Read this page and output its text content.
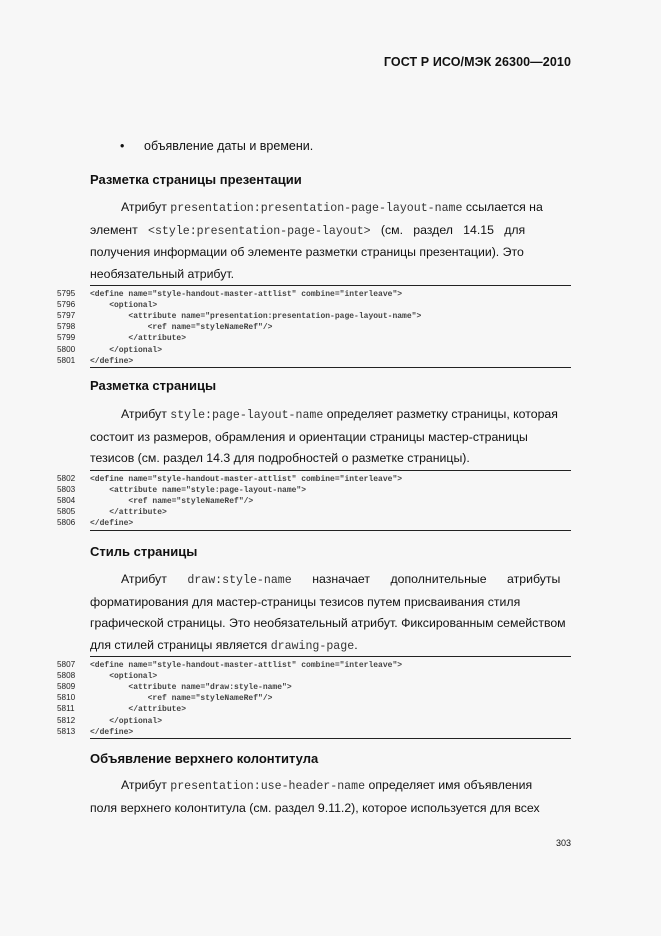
ГОСТ Р ИСО/МЭК 26300—2010
• объявление даты и времени.
Разметка страницы презентации
Атрибут presentation:presentation-page-layout-name ссылается на
элемент   <style:presentation-page-layout>   (см.   раздел   14.15   для
получения информации об элементе разметки страницы презентации). Это
необязательный атрибут.
5795 <define name="style-handout-master-attlist" combine="interleave">
5796    <optional>
5797        <attribute name="presentation:presentation-page-layout-name">
5798            <ref name="styleNameRef"/>
5799        </attribute>
5800    </optional>
5801 </define>
Разметка страницы
Атрибут style:page-layout-name определяет разметку страницы, которая
состоит из размеров, обрамления и ориентации страницы мастер-страницы
тезисов (см. раздел 14.3 для подробностей о разметке страницы).
5802 <define name="style-handout-master-attlist" combine="interleave">
5803    <attribute name="style:page-layout-name">
5804        <ref name="styleNameRef"/>
5805    </attribute>
5806 </define>
Стиль страницы
Атрибут      draw:style-name      назначает      дополнительные      атрибуты
форматирования для мастер-страницы тезисов путем присваивания стиля
графической страницы. Это необязательный атрибут. Фиксированным семейством
для стилей страницы является drawing-page.
5807 <define name="style-handout-master-attlist" combine="interleave">
5808    <optional>
5809        <attribute name="draw:style-name">
5810            <ref name="styleNameRef"/>
5811        </attribute>
5812    </optional>
5813 </define>
Объявление верхнего колонтитула
Атрибут presentation:use-header-name определяет имя объявления
поля верхнего колонтитула (см. раздел 9.11.2), которое используется для всех
303
